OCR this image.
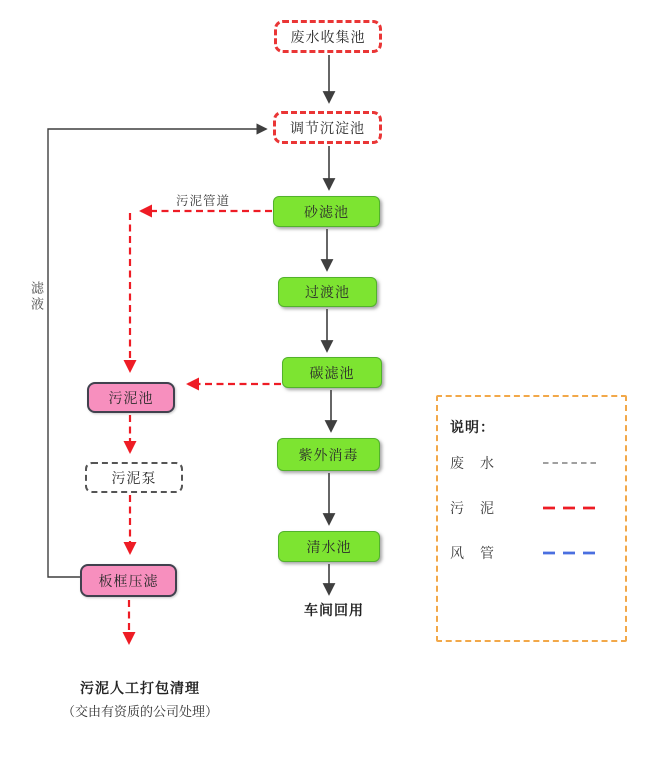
废水收集池
调节沉淀池
砂滤池
过渡池
碳滤池
紫外消毒
清水池
污泥池
污泥泵
板框压滤
污泥管道
滤液
车间回用
污泥人工打包清理
（交由有资质的公司处理）
说明：
废　水
污　泥
风　管
